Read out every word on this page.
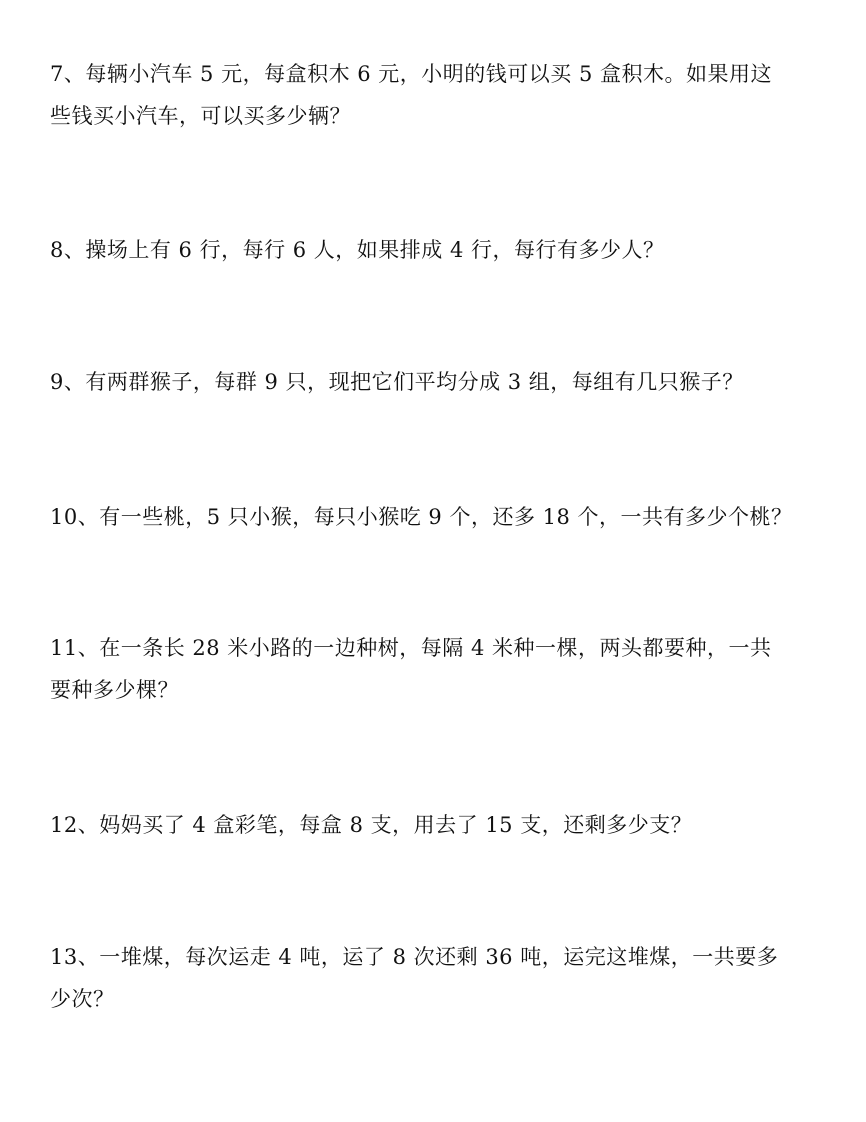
7、每辆小汽车 5 元，每盒积木 6 元，小明的钱可以买 5 盒积木。如果用这
些钱买小汽车，可以买多少辆？
8、操场上有 6 行，每行 6 人，如果排成 4 行，每行有多少人？
9、有两群猴子，每群 9 只，现把它们平均分成 3 组，每组有几只猴子？
10、有一些桃，5 只小猴，每只小猴吃 9 个，还多 18 个，一共有多少个桃？
11、在一条长 28 米小路的一边种树，每隔 4 米种一棵，两头都要种，一共
要种多少棵？
12、妈妈买了 4 盒彩笔，每盒 8 支，用去了 15 支，还剩多少支？
13、一堆煤，每次运走 4 吨，运了 8 次还剩 36 吨，运完这堆煤，一共要多
少次？
